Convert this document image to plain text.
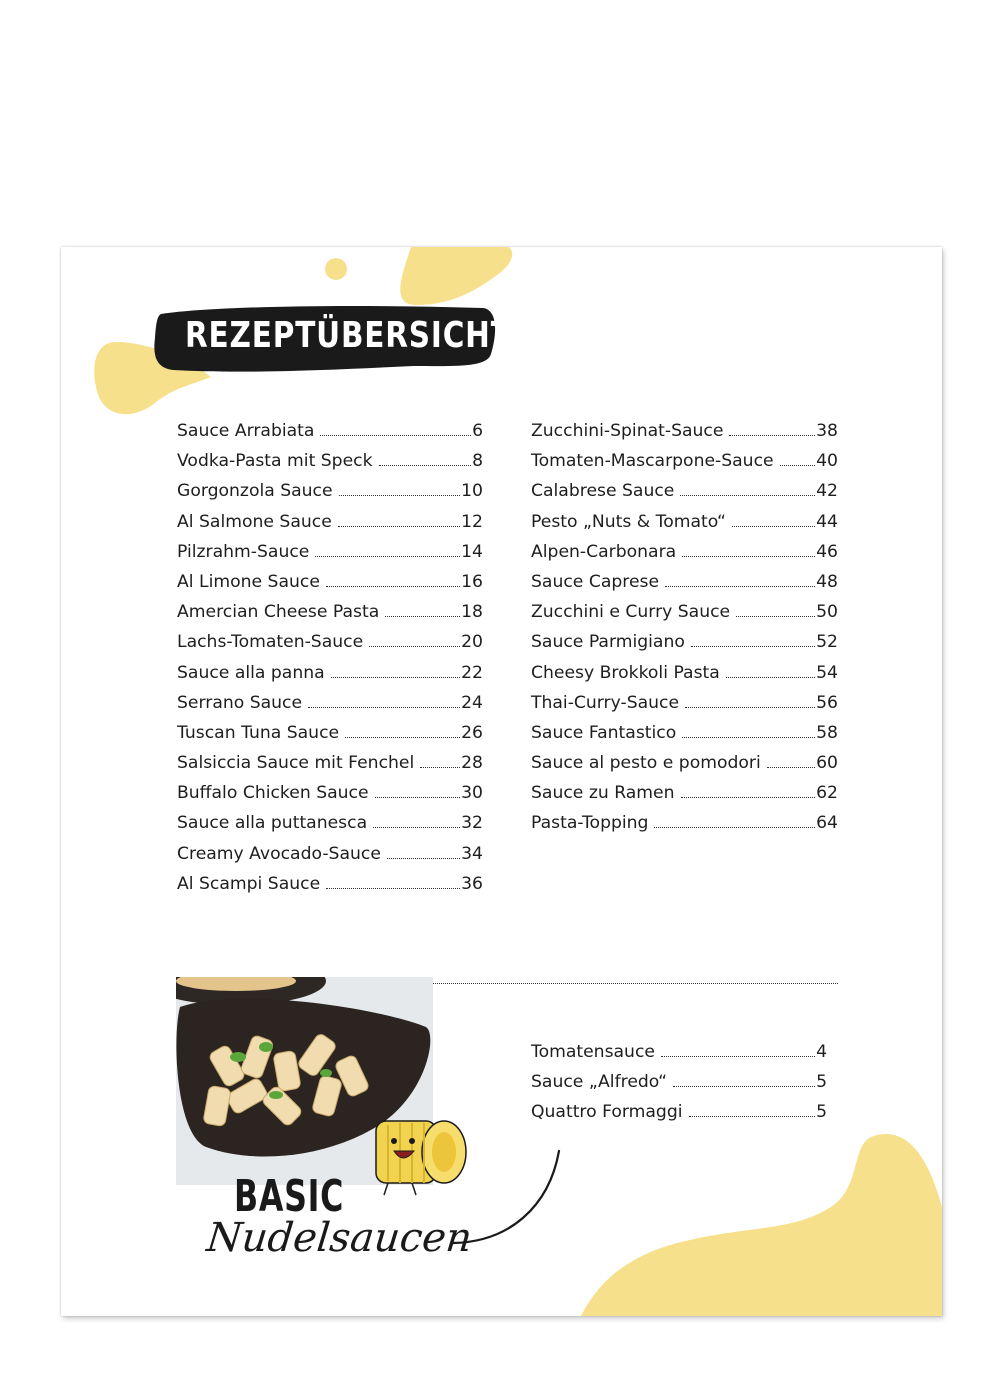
REZEPTÜBERSICHT
Sauce Arrabiata	6
Vodka-Pasta mit Speck	8
Gorgonzola Sauce	10
Al Salmone Sauce	12
Pilzrahm-Sauce	14
Al Limone Sauce	16
Amercian Cheese Pasta	18
Lachs-Tomaten-Sauce	20
Sauce alla panna	22
Serrano Sauce	24
Tuscan Tuna Sauce	26
Salsiccia Sauce mit Fenchel	28
Buffalo Chicken Sauce	30
Sauce alla puttanesca	32
Creamy Avocado-Sauce	34
Al Scampi Sauce	36
Zucchini-Spinat-Sauce	38
Tomaten-Mascarpone-Sauce	40
Calabrese Sauce	42
Pesto „Nuts & Tomato“	44
Alpen-Carbonara	46
Sauce Caprese	48
Zucchini e Curry Sauce	50
Sauce Parmigiano	52
Cheesy Brokkoli Pasta	54
Thai-Curry-Sauce	56
Sauce Fantastico	58
Sauce al pesto e pomodori	60
Sauce zu Ramen	62
Pasta-Topping	64
BASIC
Nudelsaucen
Tomatensauce	4
Sauce „Alfredo“	5
Quattro Formaggi	5
